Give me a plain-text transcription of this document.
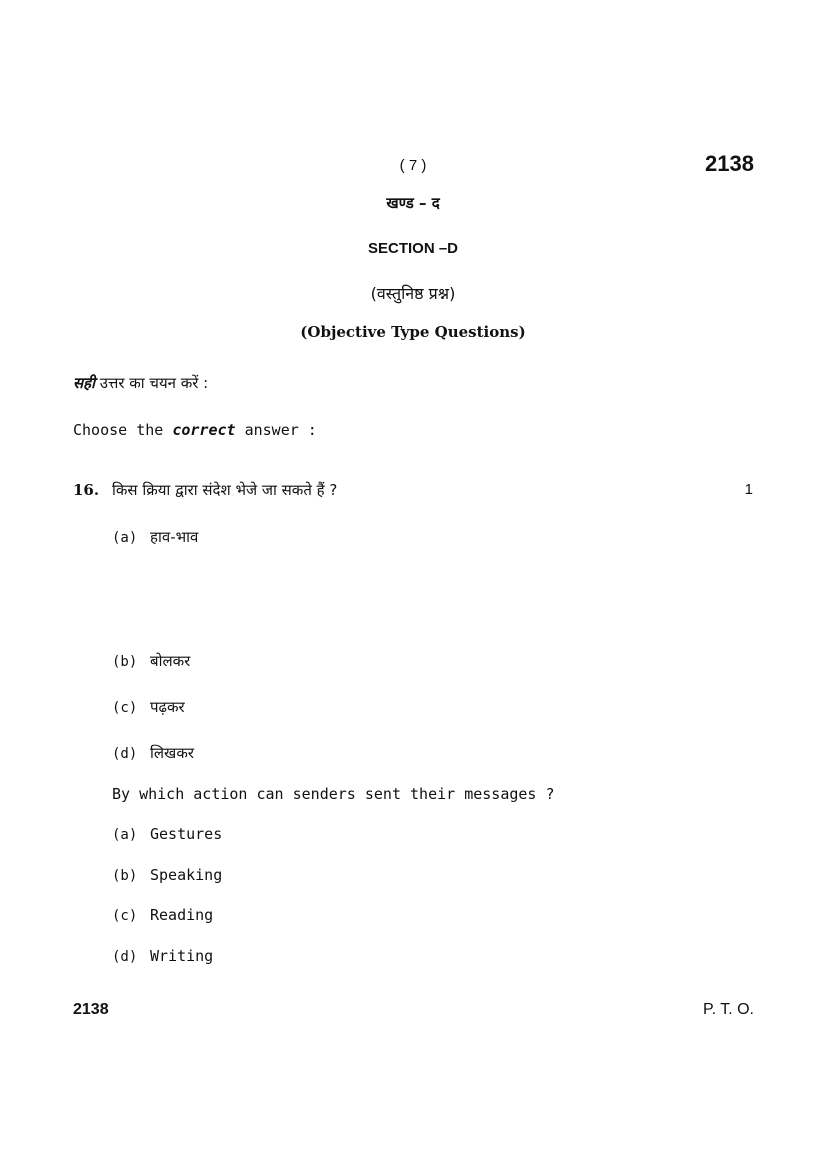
( 7 )	2138
खण्ड – द
SECTION –D
(वस्तुनिष्ठ प्रश्न)
(Objective Type Questions)
सही उत्तर का चयन करें :
Choose the correct answer :
16. किस क्रिया द्वारा संदेश भेजे जा सकते हैं ?	1
(a) हाव-भाव
(b) बोलकर
(c) पढ़कर
(d) लिखकर
By which action can senders sent their messages ?
(a) Gestures
(b) Speaking
(c) Reading
(d) Writing
2138	P. T. O.
